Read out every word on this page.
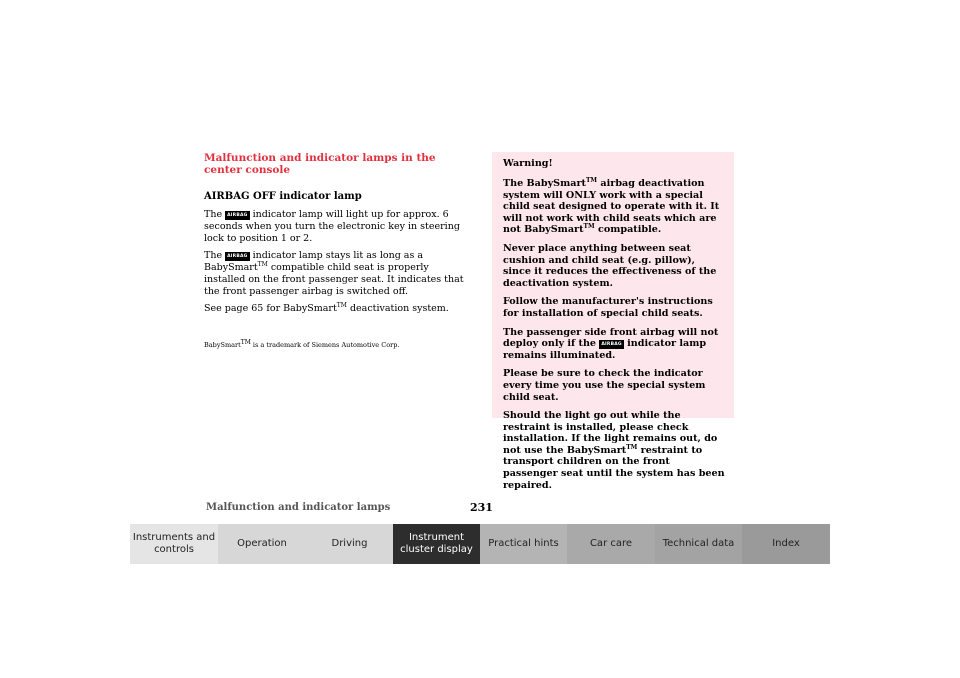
Malfunction and indicator lamps in the center console
AIRBAG OFF indicator lamp
The AIRBAG indicator lamp will light up for approx. 6 seconds when you turn the electronic key in steering lock to position 1 or 2.
The AIRBAG indicator lamp stays lit as long as a BabySmart™ compatible child seat is properly installed on the front passenger seat. It indicates that the front passenger airbag is switched off.
See page 65 for BabySmart™ deactivation system.
BabySmart™ is a trademark of Siemens Automotive Corp.
Warning!
The BabySmart™ airbag deactivation system will ONLY work with a special child seat designed to operate with it. It will not work with child seats which are not BabySmart™ compatible.
Never place anything between seat cushion and child seat (e.g. pillow), since it reduces the effectiveness of the deactivation system.
Follow the manufacturer's instructions for installation of special child seats.
The passenger side front airbag will not deploy only if the AIRBAG indicator lamp remains illuminated.
Please be sure to check the indicator every time you use the special system child seat.
Should the light go out while the restraint is installed, please check installation. If the light remains out, do not use the BabySmart™ restraint to transport children on the front passenger seat until the system has been repaired.
Malfunction and indicator lamps	231
Instruments and controls
Operation	Driving
Instrument cluster display
Practical hints	Car care	Technical data	Index
